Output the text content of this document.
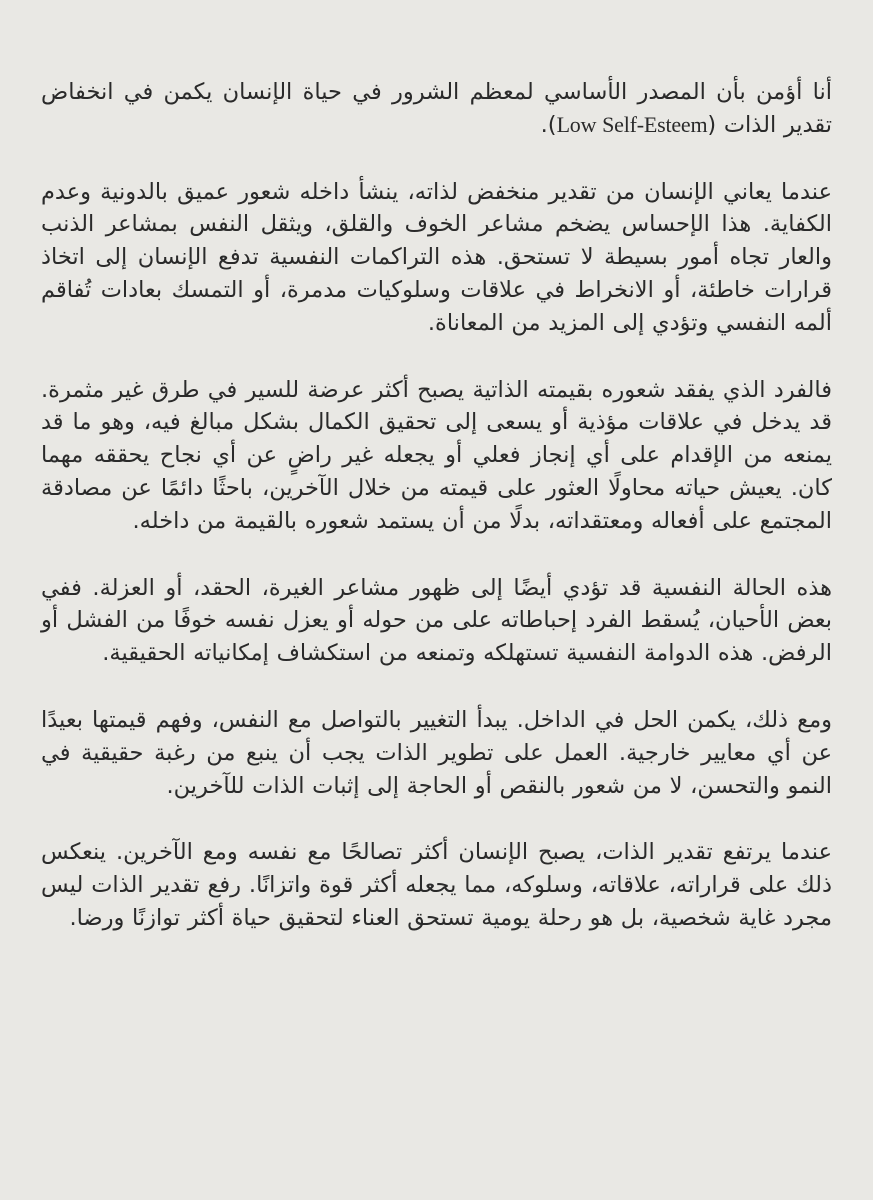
أنا أؤمن بأن المصدر الأساسي لمعظم الشرور في حياة الإنسان يكمن في انخفاض تقدير الذات (Low Self-Esteem).

عندما يعاني الإنسان من تقدير منخفض لذاته، ينشأ داخله شعور عميق بالدونية وعدم الكفاية. هذا الإحساس يضخم مشاعر الخوف والقلق، ويثقل النفس بمشاعر الذنب والعار تجاه أمور بسيطة لا تستحق. هذه التراكمات النفسية تدفع الإنسان إلى اتخاذ قرارات خاطئة، أو الانخراط في علاقات وسلوكيات مدمرة، أو التمسك بعادات تُفاقم ألمه النفسي وتؤدي إلى المزيد من المعاناة.

فالفرد الذي يفقد شعوره بقيمته الذاتية يصبح أكثر عرضة للسير في طرق غير مثمرة. قد يدخل في علاقات مؤذية أو يسعى إلى تحقيق الكمال بشكل مبالغ فيه، وهو ما قد يمنعه من الإقدام على أي إنجاز فعلي أو يجعله غير راضٍ عن أي نجاح يحققه مهما كان. يعيش حياته محاولًا العثور على قيمته من خلال الآخرين، باحثًا دائمًا عن مصادقة المجتمع على أفعاله ومعتقداته، بدلًا من أن يستمد شعوره بالقيمة من داخله.

هذه الحالة النفسية قد تؤدي أيضًا إلى ظهور مشاعر الغيرة، الحقد، أو العزلة. ففي بعض الأحيان، يُسقط الفرد إحباطاته على من حوله أو يعزل نفسه خوفًا من الفشل أو الرفض. هذه الدوامة النفسية تستهلكه وتمنعه من استكشاف إمكانياته الحقيقية.

ومع ذلك، يكمن الحل في الداخل. يبدأ التغيير بالتواصل مع النفس، وفهم قيمتها بعيدًا عن أي معايير خارجية. العمل على تطوير الذات يجب أن ينبع من رغبة حقيقية في النمو والتحسن، لا من شعور بالنقص أو الحاجة إلى إثبات الذات للآخرين.

عندما يرتفع تقدير الذات، يصبح الإنسان أكثر تصالحًا مع نفسه ومع الآخرين. ينعكس ذلك على قراراته، علاقاته، وسلوكه، مما يجعله أكثر قوة واتزانًا. رفع تقدير الذات ليس مجرد غاية شخصية، بل هو رحلة يومية تستحق العناء لتحقيق حياة أكثر توازنًا ورضا.
